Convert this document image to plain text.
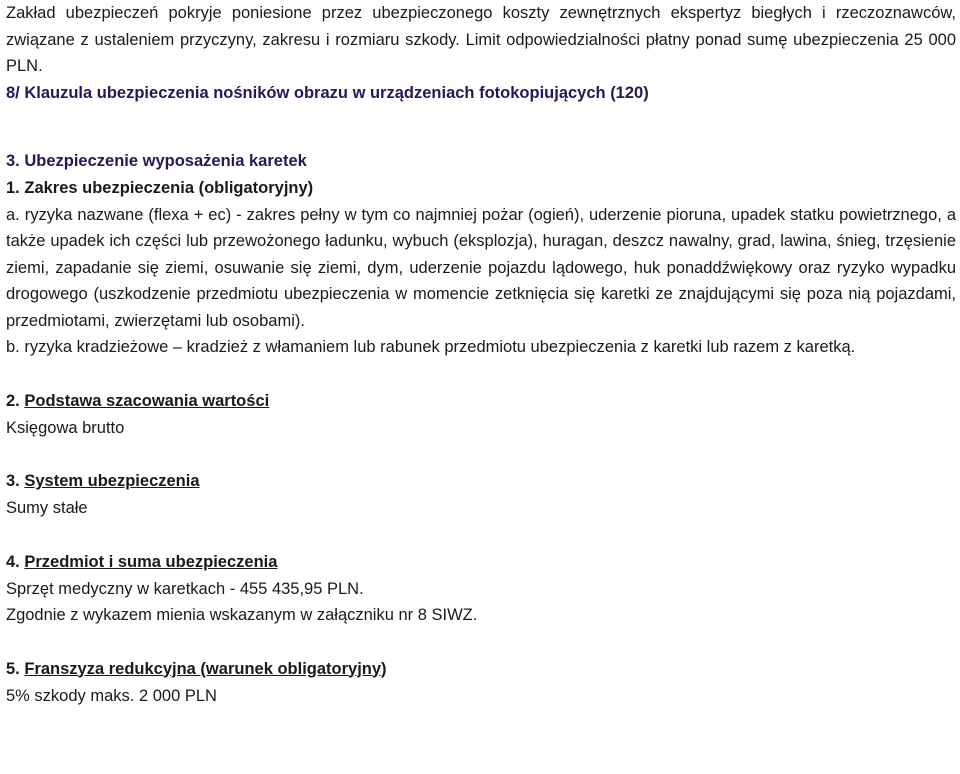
Zakład ubezpieczeń pokryje poniesione przez ubezpieczonego koszty zewnętrznych ekspertyz biegłych i rzeczoznawców, związane z ustaleniem przyczyny, zakresu i rozmiaru szkody. Limit odpowiedzialności płatny ponad sumę ubezpieczenia 25 000 PLN.

8/ Klauzula ubezpieczenia nośników obrazu w urządzeniach fotokopiujących (120)

3. Ubezpieczenie wyposażenia karetek

1. Zakres ubezpieczenia (obligatoryjny)

a. ryzyka nazwane (flexa + ec) - zakres pełny w tym co najmniej pożar (ogień), uderzenie pioruna, upadek statku powietrznego, a także upadek ich części lub przewożonego ładunku, wybuch (eksplozja), huragan, deszcz nawalny, grad, lawina, śnieg, trzęsienie ziemi, zapadanie się ziemi, osuwanie się ziemi, dym, uderzenie pojazdu lądowego, huk ponaddźwiękowy oraz ryzyko wypadku drogowego (uszkodzenie przedmiotu ubezpieczenia w momencie zetknięcia się karetki ze znajdującymi się poza nią pojazdami, przedmiotami, zwierzętami lub osobami).

b. ryzyka kradzieżowe – kradzież z włamaniem lub rabunek przedmiotu ubezpieczenia z karetki lub razem z karetką.

2. Podstawa szacowania wartości

Księgowa brutto

3. System ubezpieczenia

Sumy stałe

4. Przedmiot i suma ubezpieczenia

Sprzęt medyczny w karetkach - 455 435,95 PLN.

Zgodnie z wykazem mienia wskazanym w załączniku nr 8 SIWZ.

5. Franszyza redukcyjna (warunek obligatoryjny)

5% szkody maks. 2 000 PLN
